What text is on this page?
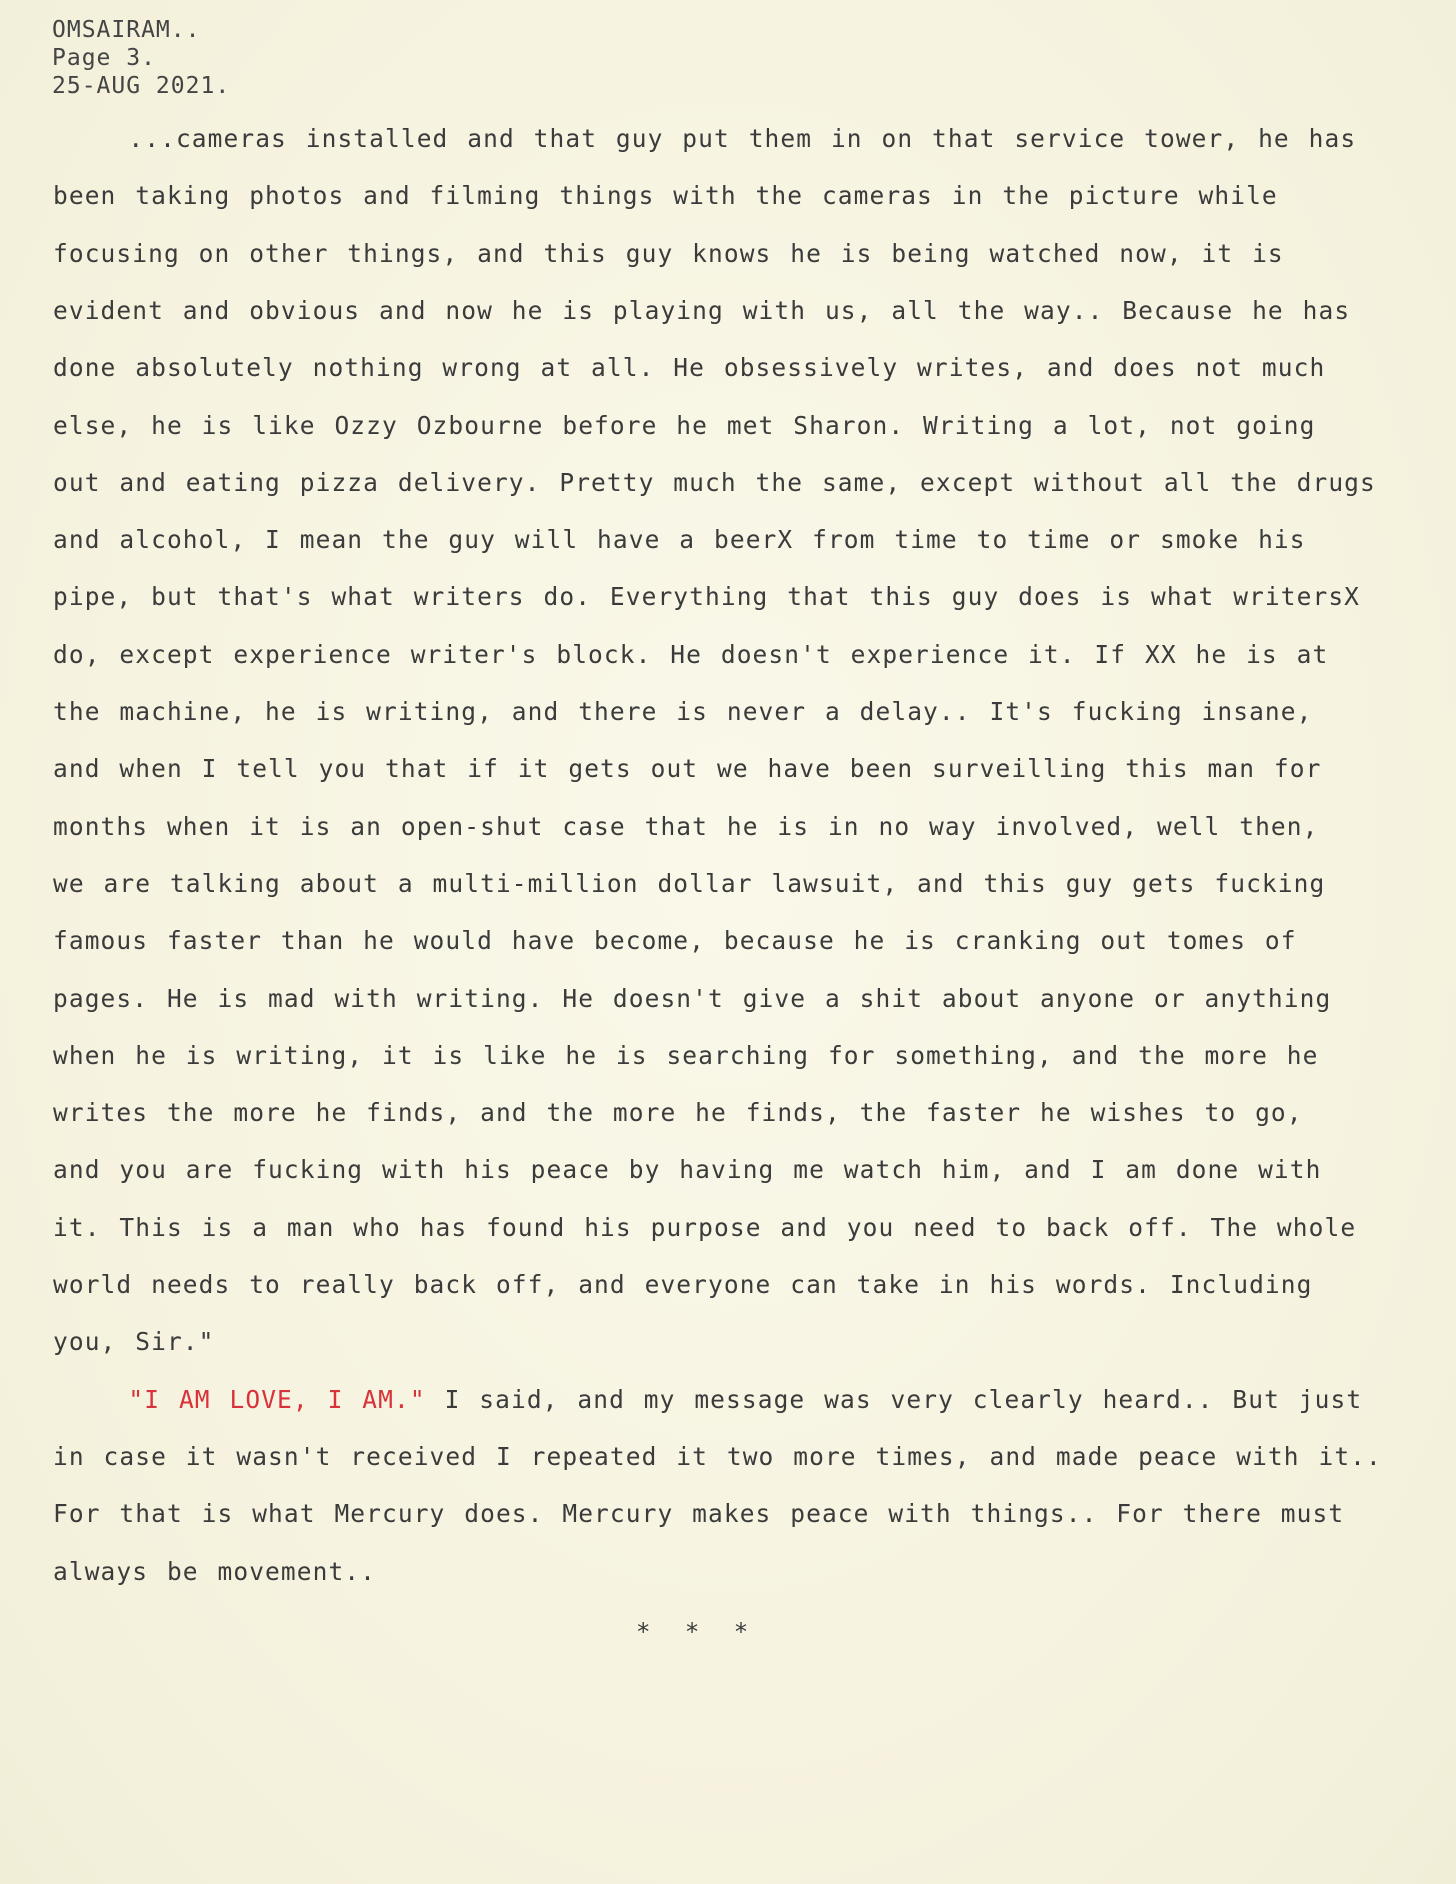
OMSAIRAM..
Page 3.
25-AUG 2021.
...cameras installed and that guy put them in on that service tower, he has
been taking photos and filming things with the cameras in the picture while
focusing on other things, and this guy knows he is being watched now, it is
evident and obvious and now he is playing with us, all the way.. Because he has
done absolutely nothing wrong at all. He obsessively writes, and does not much
else, he is like Ozzy Ozbourne before he met Sharon. Writing a lot, not going
out and eating pizza delivery. Pretty much the same, except without all the drugs
and alcohol, I mean the guy will have a beerX from time to time or smoke his
pipe, but that's what writers do. Everything that this guy does is what writersX
do, except experience writer's block. He doesn't experience it. If XX he is at
the machine, he is writing, and there is never a delay.. It's fucking insane,
and when I tell you that if it gets out we have been surveilling this man for
months when it is an open-shut case that he is in no way involved, well then,
we are talking about a multi-million dollar lawsuit, and this guy gets fucking
famous faster than he would have become, because he is cranking out tomes of
pages. He is mad with writing. He doesn't give a shit about anyone or anything
when he is writing, it is like he is searching for something, and the more he
writes the more he finds, and the more he finds, the faster he wishes to go,
and you are fucking with his peace by having me watch him, and I am done with
it. This is a man who has found his purpose and you need to back off. The whole
world needs to really back off, and everyone can take in his words. Including
you, Sir."
"I AM LOVE, I AM." I said, and my message was very clearly heard.. But just
in case it wasn't received I repeated it two more times, and made peace with it..
For that is what Mercury does. Mercury makes peace with things.. For there must
always be movement..
* * *
